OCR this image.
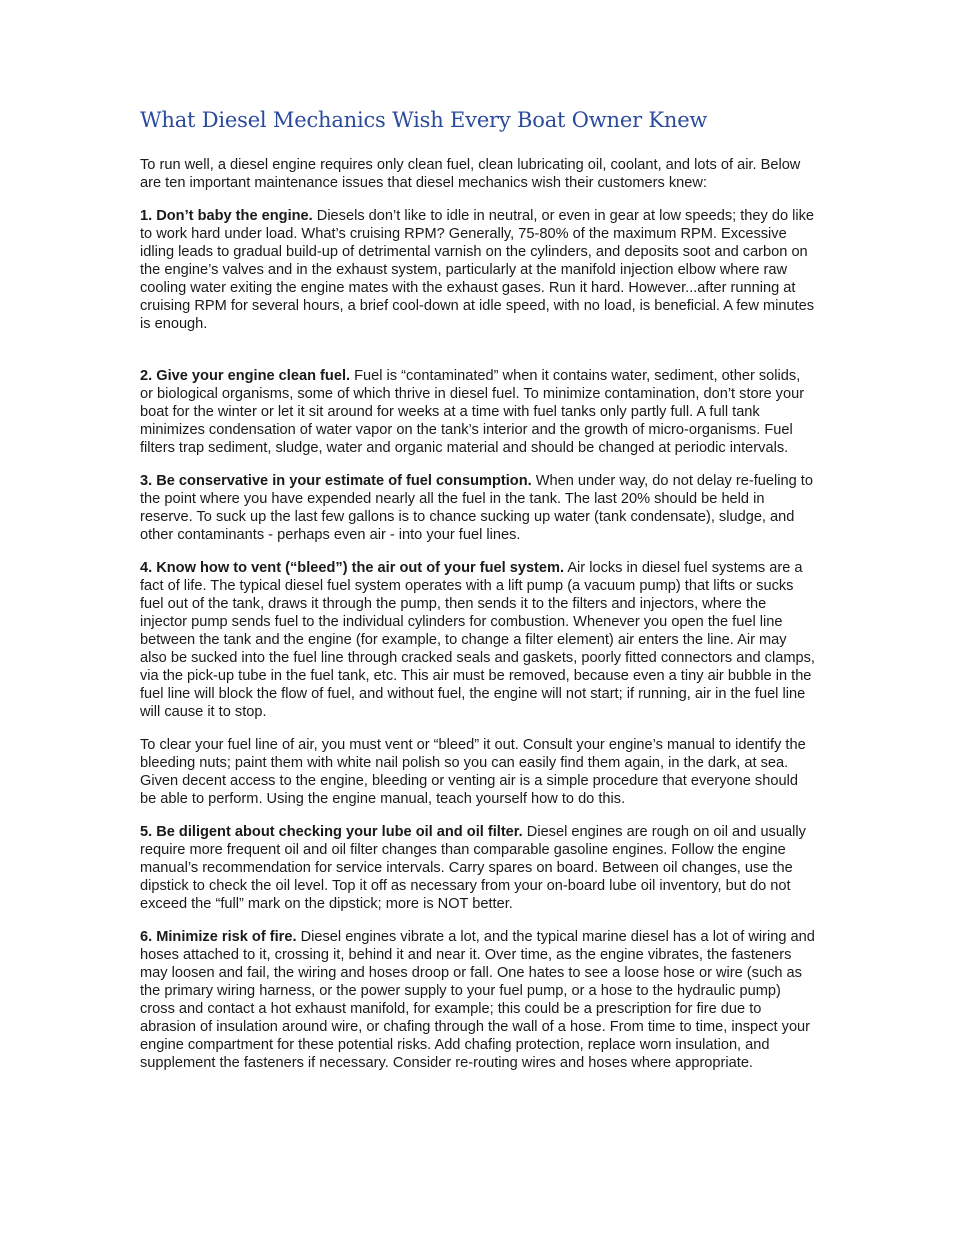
What Diesel Mechanics Wish Every Boat Owner Knew

To run well, a diesel engine requires only clean fuel, clean lubricating oil, coolant, and lots of air. Below are ten important maintenance issues that diesel mechanics wish their customers knew:

1. Don’t baby the engine. Diesels don’t like to idle in neutral, or even in gear at low speeds; they do like to work hard under load. What’s cruising RPM? Generally, 75-80% of the maximum RPM. Excessive idling leads to gradual build-up of detrimental varnish on the cylinders, and deposits soot and carbon on the engine’s valves and in the exhaust system, particularly at the manifold injection elbow where raw cooling water exiting the engine mates with the exhaust gases. Run it hard. However...after running at cruising RPM for several hours, a brief cool-down at idle speed, with no load, is beneficial. A few minutes is enough.

2. Give your engine clean fuel. Fuel is “contaminated” when it contains water, sediment, other solids, or biological organisms, some of which thrive in diesel fuel. To minimize contamination, don’t store your boat for the winter or let it sit around for weeks at a time with fuel tanks only partly full. A full tank minimizes condensation of water vapor on the tank’s interior and the growth of micro-organisms. Fuel filters trap sediment, sludge, water and organic material and should be changed at periodic intervals.

3. Be conservative in your estimate of fuel consumption. When under way, do not delay re-fueling to the point where you have expended nearly all the fuel in the tank. The last 20% should be held in reserve. To suck up the last few gallons is to chance sucking up water (tank condensate), sludge, and other contaminants - perhaps even air - into your fuel lines.

4. Know how to vent (“bleed”) the air out of your fuel system. Air locks in diesel fuel systems are a fact of life. The typical diesel fuel system operates with a lift pump (a vacuum pump) that lifts or sucks fuel out of the tank, draws it through the pump, then sends it to the filters and injectors, where the injector pump sends fuel to the individual cylinders for combustion. Whenever you open the fuel line between the tank and the engine (for example, to change a filter element) air enters the line. Air may also be sucked into the fuel line through cracked seals and gaskets, poorly fitted connectors and clamps, via the pick-up tube in the fuel tank, etc. This air must be removed, because even a tiny air bubble in the fuel line will block the flow of fuel, and without fuel, the engine will not start; if running, air in the fuel line will cause it to stop.

To clear your fuel line of air, you must vent or “bleed” it out. Consult your engine’s manual to identify the bleeding nuts; paint them with white nail polish so you can easily find them again, in the dark, at sea. Given decent access to the engine, bleeding or venting air is a simple procedure that everyone should be able to perform. Using the engine manual, teach yourself how to do this.

5. Be diligent about checking your lube oil and oil filter. Diesel engines are rough on oil and usually require more frequent oil and oil filter changes than comparable gasoline engines. Follow the engine manual’s recommendation for service intervals. Carry spares on board. Between oil changes, use the dipstick to check the oil level. Top it off as necessary from your on-board lube oil inventory, but do not exceed the “full” mark on the dipstick; more is NOT better.

6. Minimize risk of fire. Diesel engines vibrate a lot, and the typical marine diesel has a lot of wiring and hoses attached to it, crossing it, behind it and near it. Over time, as the engine vibrates, the fasteners may loosen and fail, the wiring and hoses droop or fall. One hates to see a loose hose or wire (such as the primary wiring harness, or the power supply to your fuel pump, or a hose to the hydraulic pump) cross and contact a hot exhaust manifold, for example; this could be a prescription for fire due to abrasion of insulation around wire, or chafing through the wall of a hose. From time to time, inspect your engine compartment for these potential risks. Add chafing protection, replace worn insulation, and supplement the fasteners if necessary. Consider re-routing wires and hoses where appropriate.
